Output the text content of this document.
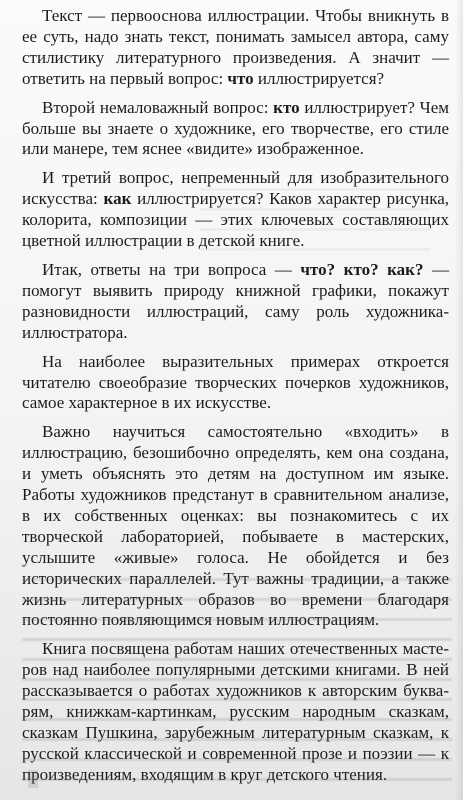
Текст — первооснова иллюстрации. Чтобы вникнуть в ее суть, надо знать текст, понимать замысел автора, саму стилистику литературного произведения. А значит — ответить на первый вопрос: что иллюстрируется?

Второй немаловажный вопрос: кто иллюстрирует? Чем больше вы знаете о художнике, его творчестве, его стиле или манере, тем яснее «видите» изображенное.

И третий вопрос, непременный для изобразительного искусства: как иллюстрируется? Каков характер рисунка, колорита, композиции — этих ключевых составляющих цветной иллюстрации в детской книге.

Итак, ответы на три вопроса — что? кто? как? — помогут выявить природу книжной графики, покажут разновидности иллюстраций, саму роль художника-иллюстратора.

На наиболее выразительных примерах откроется читателю своеобразие творческих почерков художников, самое характерное в их искусстве.

Важно научиться самостоятельно «входить» в иллюстрацию, безошибочно определять, кем она создана, и уметь объяснять это детям на доступном им языке. Работы художников предстанут в сравнительном анализе, в их собственных оценках: вы познакомитесь с их творческой лабораторией, побываете в мастерских, услышите «живые» голоса. Не обойдется и без исторических параллелей. Тут важны традиции, а также жизнь литературных образов во времени благодаря постоянно появляющимся новым иллюстрациям.

Книга посвящена работам наших отечественных мастеров над наиболее популярными детскими книгами. В ней рассказывается о работах художников к авторским букварям, книжкам-картинкам, русским народным сказкам, сказкам Пушкина, зарубежным литературным сказкам, к русской классической и современной прозе и поэзии — к произведениям, входящим в круг детского чтения.
